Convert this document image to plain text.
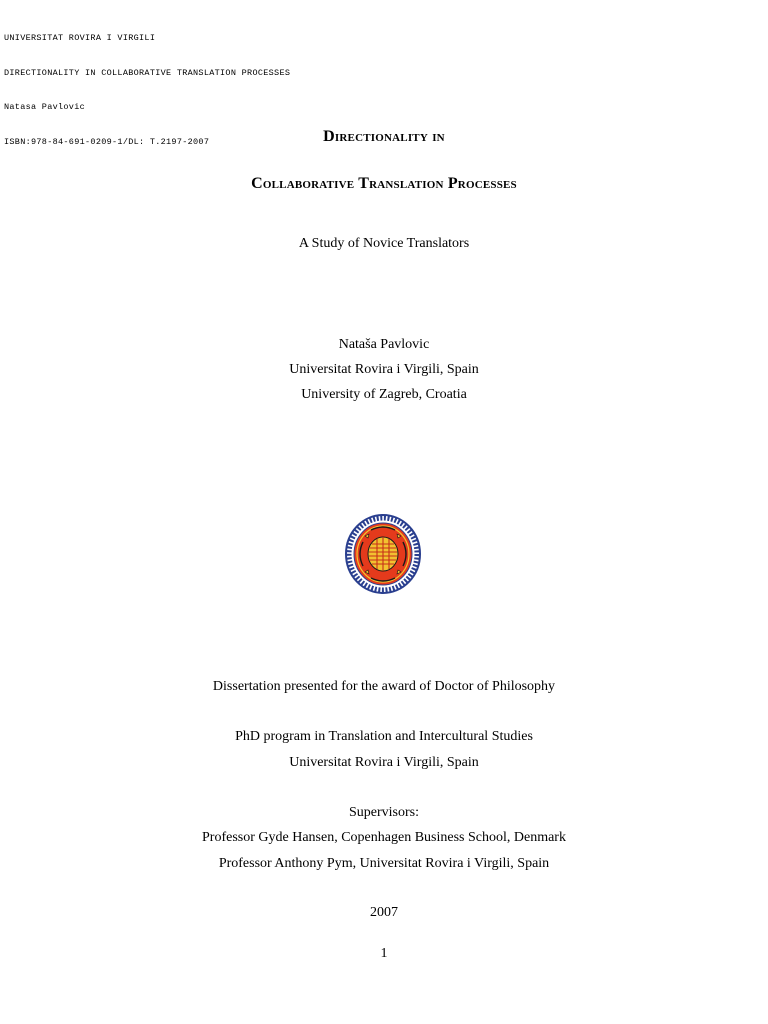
UNIVERSITAT ROVIRA I VIRGILI

DIRECTIONALITY IN COLLABORATIVE TRANSLATION PROCESSES

Natasa Pavlovic

ISBN:978-84-691-0209-1/DL: T.2197-2007	Directionality in
Collaborative Translation Processes
A Study of Novice Translators
Nataša Pavlovic
Universitat Rovira i Virgili, Spain
University of Zagreb, Croatia
Dissertation presented for the award of Doctor of Philosophy
PhD program in Translation and Intercultural Studies
Universitat Rovira i Virgili, Spain
Supervisors:
Professor Gyde Hansen, Copenhagen Business School, Denmark
Professor Anthony Pym, Universitat Rovira i Virgili, Spain
2007
1
